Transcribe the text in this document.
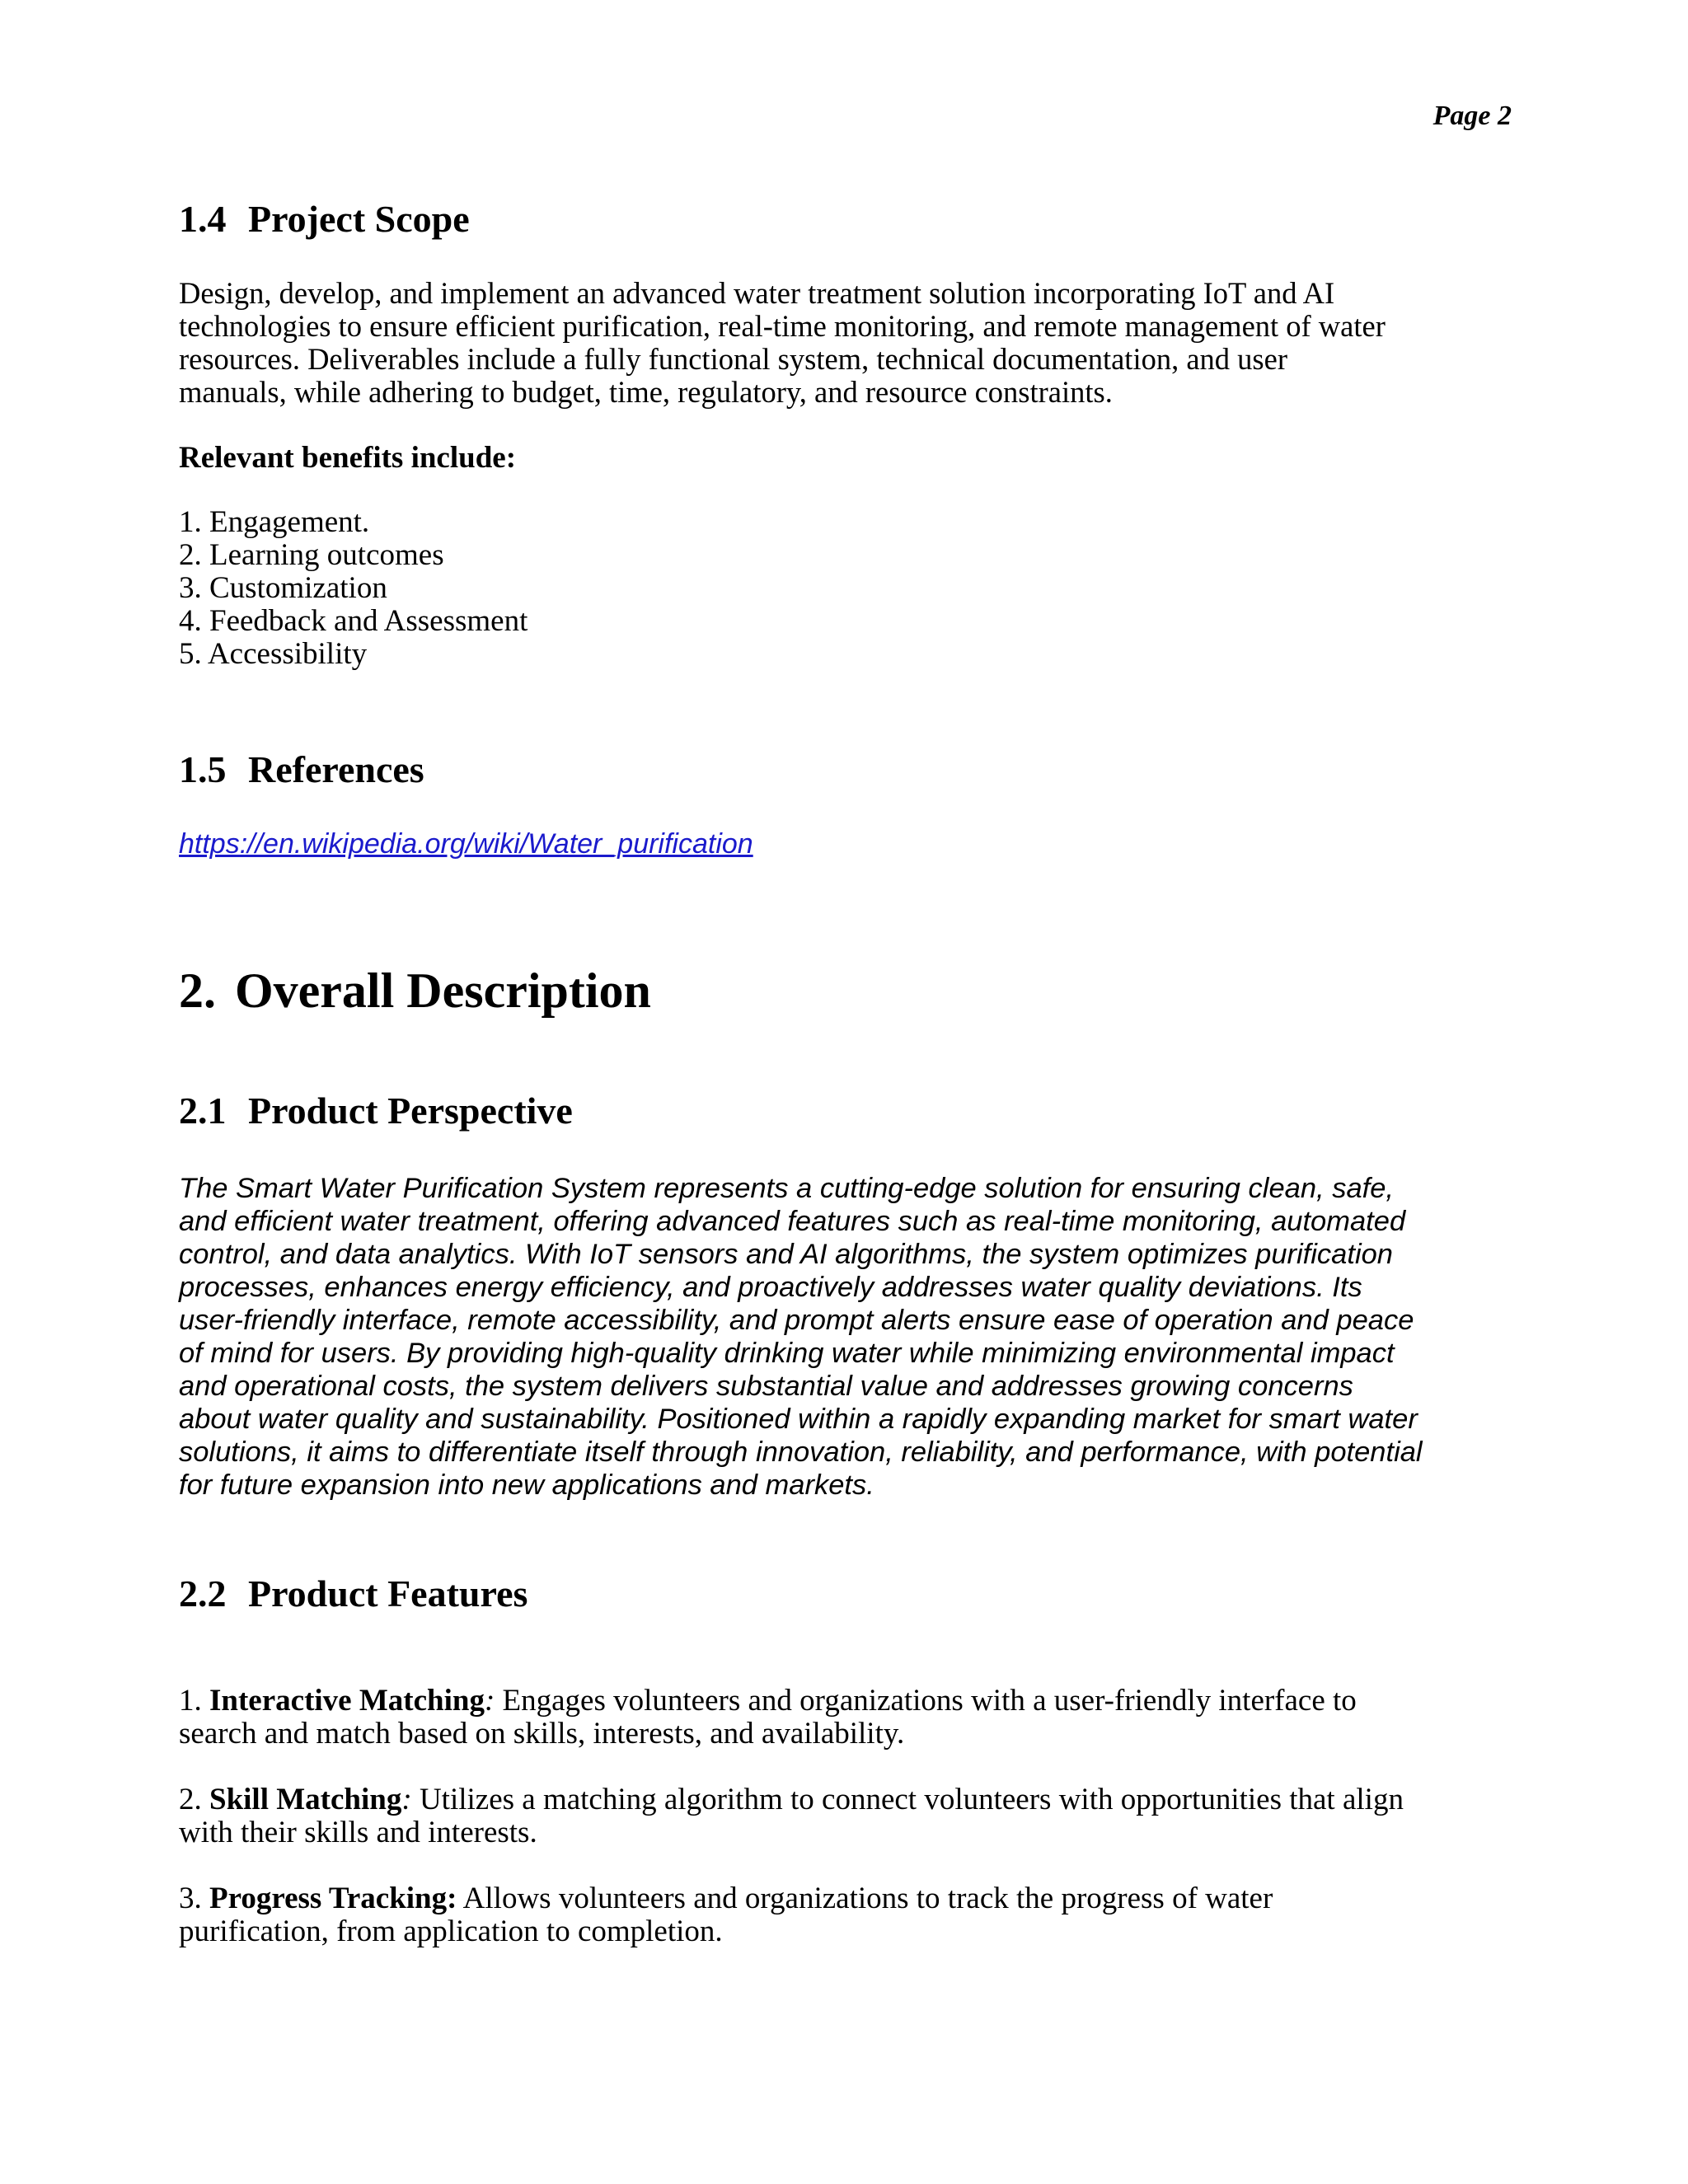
Page 2
1.4 Project Scope
Design, develop, and implement an advanced water treatment solution incorporating IoT and AI
technologies to ensure efficient purification, real-time monitoring, and remote management of water
resources. Deliverables include a fully functional system, technical documentation, and user
manuals, while adhering to budget, time, regulatory, and resource constraints.
Relevant benefits include:
1. Engagement.
2. Learning outcomes
3. Customization
4. Feedback and Assessment
5. Accessibility
1.5 References
https://en.wikipedia.org/wiki/Water_purification
2. Overall Description
2.1 Product Perspective
The Smart Water Purification System represents a cutting-edge solution for ensuring clean, safe,
and efficient water treatment, offering advanced features such as real-time monitoring, automated
control, and data analytics. With IoT sensors and AI algorithms, the system optimizes purification
processes, enhances energy efficiency, and proactively addresses water quality deviations. Its
user-friendly interface, remote accessibility, and prompt alerts ensure ease of operation and peace
of mind for users. By providing high-quality drinking water while minimizing environmental impact
and operational costs, the system delivers substantial value and addresses growing concerns
about water quality and sustainability. Positioned within a rapidly expanding market for smart water
solutions, it aims to differentiate itself through innovation, reliability, and performance, with potential
for future expansion into new applications and markets.
2.2 Product Features
1. Interactive Matching: Engages volunteers and organizations with a user-friendly interface to
search and match based on skills, interests, and availability.
2. Skill Matching: Utilizes a matching algorithm to connect volunteers with opportunities that align
with their skills and interests.
3. Progress Tracking: Allows volunteers and organizations to track the progress of water
purification, from application to completion.
